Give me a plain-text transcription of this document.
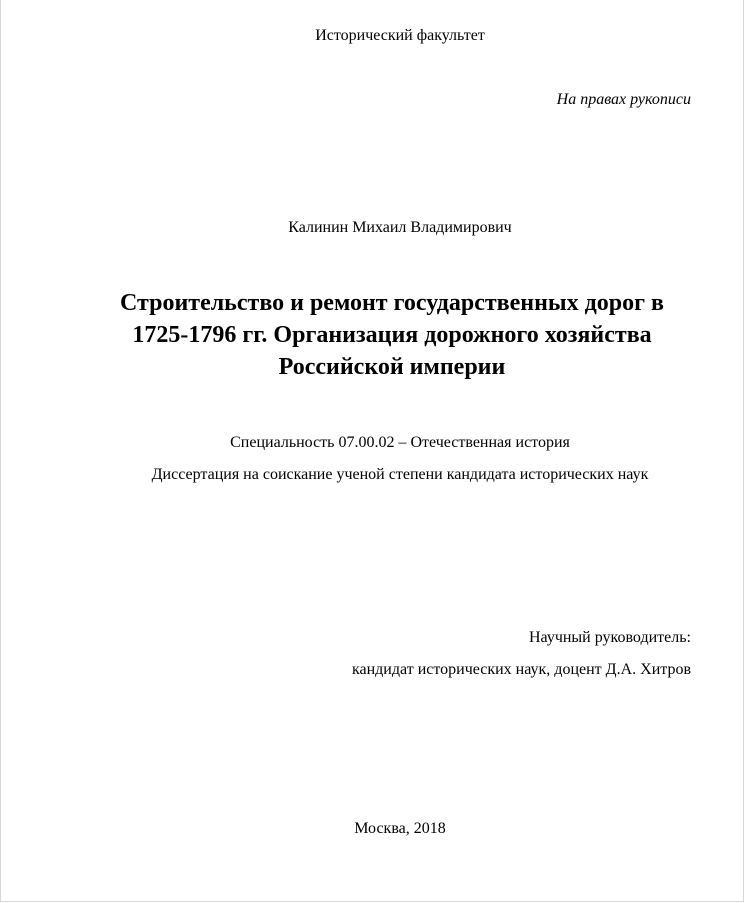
Исторический факультет
На правах рукописи
Калинин Михаил Владимирович
Строительство и ремонт государственных дорог в
1725-1796 гг. Организация дорожного хозяйства
Российской империи
Специальность 07.00.02 – Отечественная история
Диссертация на соискание ученой степени кандидата исторических наук
Научный руководитель:
кандидат исторических наук, доцент Д.А. Хитров
Москва, 2018
